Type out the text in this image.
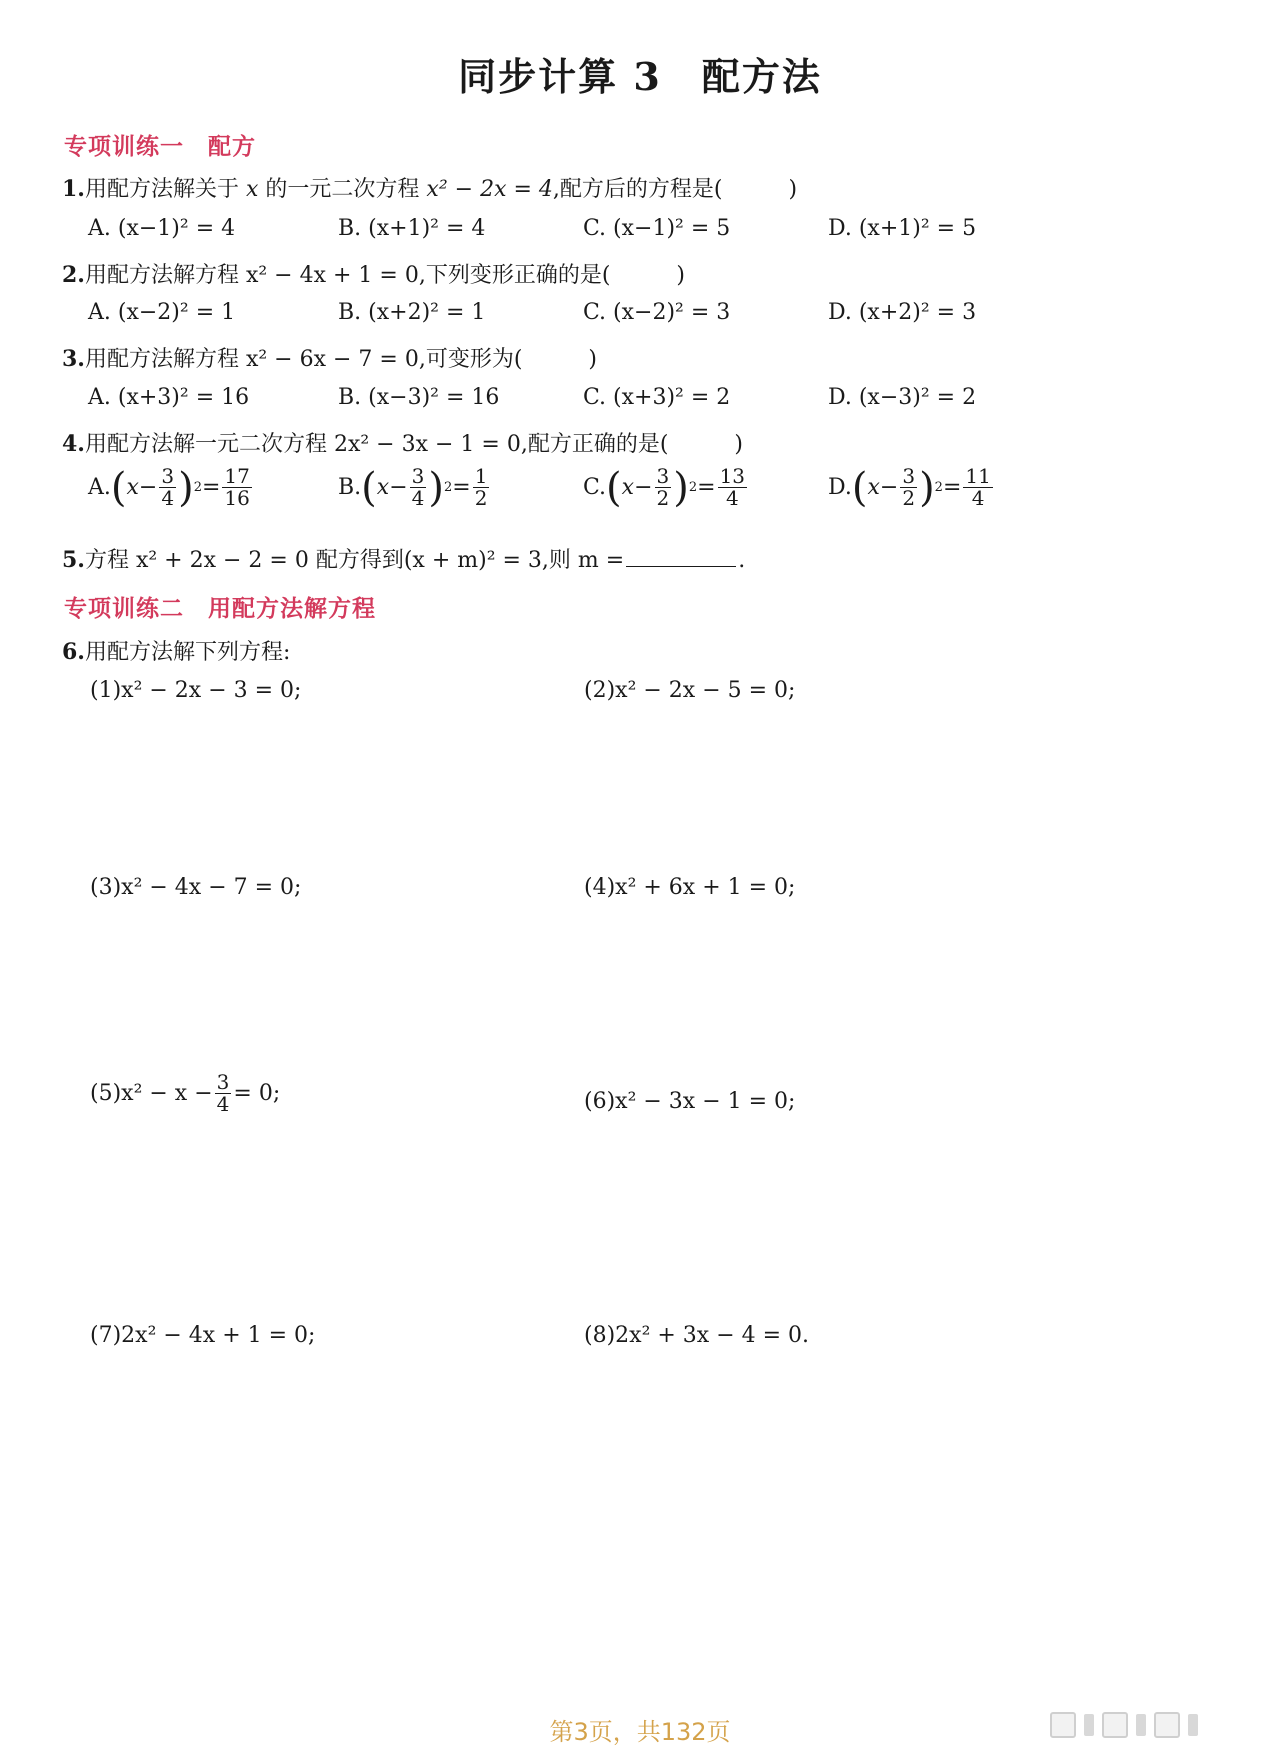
同步计算 3　配方法
专项训练一　配方
1.用配方法解关于 x 的一元二次方程 x² − 2x = 4,配方后的方程是(　　　)
A. (x−1)² = 4	B. (x+1)² = 4	C. (x−1)² = 5	D. (x+1)² = 5
2.用配方法解方程 x² − 4x + 1 = 0,下列变形正确的是(　　　)
A. (x−2)² = 1	B. (x+2)² = 1	C. (x−2)² = 3	D. (x+2)² = 3
3.用配方法解方程 x² − 6x − 7 = 0,可变形为(　　　)
A. (x+3)² = 16	B. (x−3)² = 16	C. (x+3)² = 2	D. (x−3)² = 2
4.用配方法解一元二次方程 2x² − 3x − 1 = 0,配方正确的是(　　　)
A. ( $x - \frac{3}{4}$ ) $2 = \frac{17}{16}$	B. ( $x - \frac{3}{4}$ ) $2 = \frac{1}{2}$	C. ( $x - \frac{3}{2}$ ) $2 = \frac{13}{4}$	D. ( $x - \frac{3}{2}$ ) $2 = \frac{11}{4}$
5.方程 x² + 2x − 2 = 0 配方得到(x + m)² = 3,则 m =	.
专项训练二　用配方法解方程
6.用配方法解下列方程:
(1)x² − 2x − 3 = 0;	(2)x² − 2x − 5 = 0;
(3)x² − 4x − 7 = 0;	(4)x² + 6x + 1 = 0;
$(5)x^2 - x - \frac{3}{4} = 0$;	(6)x² − 3x − 1 = 0;
(7)2x² − 4x + 1 = 0;	(8)2x² + 3x − 4 = 0.
第3页，共132页
